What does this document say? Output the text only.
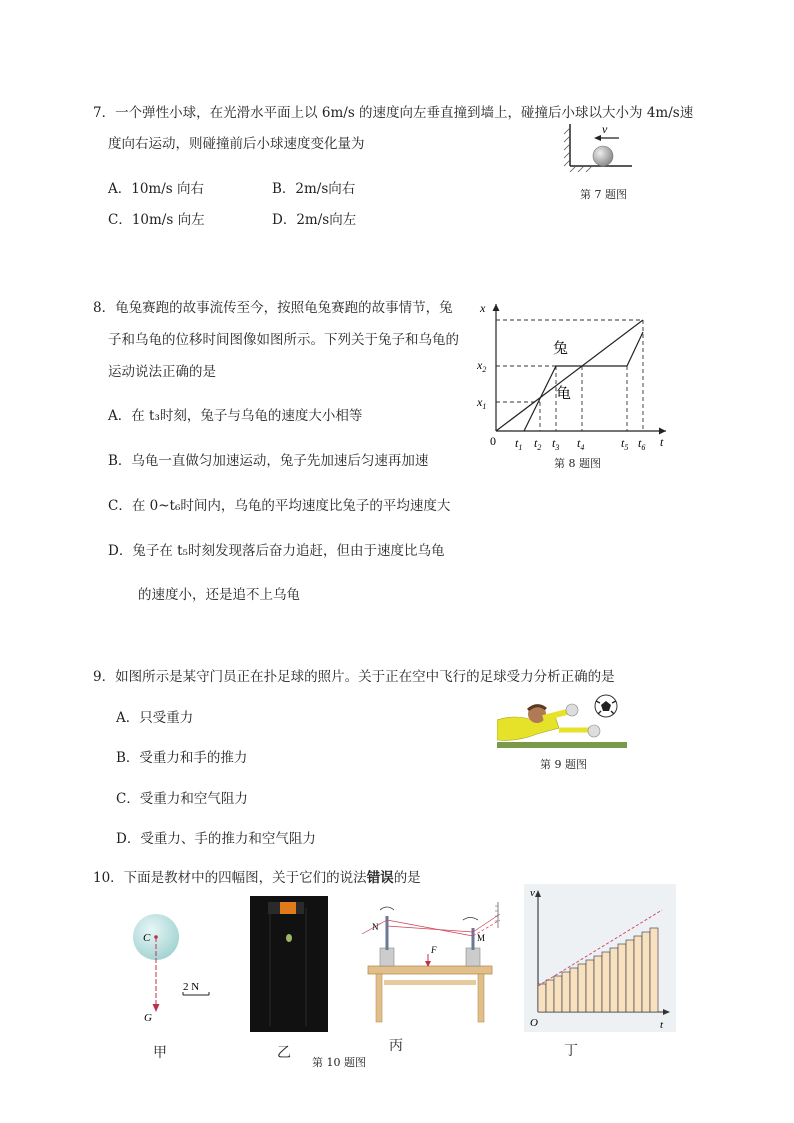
7．一个弹性小球，在光滑水平面上以 6m/s 的速度向左垂直撞到墙上，碰撞后小球以大小为 4m/s速
度向右运动，则碰撞前后小球速度变化量为
A．10m/s 向右	B．2m/s向右
C．10m/s 向左	D．2m/s向左
v
第 7 题图
8．龟兔赛跑的故事流传至今，按照龟兔赛跑的故事情节，兔
子和乌龟的位移时间图像如图所示。下列关于兔子和乌龟的
运动说法正确的是
A．在 t₃时刻，兔子与乌龟的速度大小相等
B．乌龟一直做匀加速运动，兔子先加速后匀速再加速
C．在 0~t₆时间内，乌龟的平均速度比兔子的平均速度大
D．兔子在 t₅时刻发现落后奋力追赶，但由于速度比乌龟
的速度小，还是追不上乌龟
x
t
0
$x_2$
$x_1$
兔
龟
$t_1$ $t_2$ $t_3$ $t_4$	$t_5$ $t_6$
第 8 题图
9．如图所示是某守门员正在扑足球的照片。关于正在空中飞行的足球受力分析正确的是
A．只受重力
B．受重力和手的推力
C．受重力和空气阻力
D．受重力、手的推力和空气阻力
第 9 题图
10．下面是教材中的四幅图，关于它们的说法错误的是
C
G
2 N
甲	乙
N
M
F
丙
v
t
O
丁
第 10 题图
